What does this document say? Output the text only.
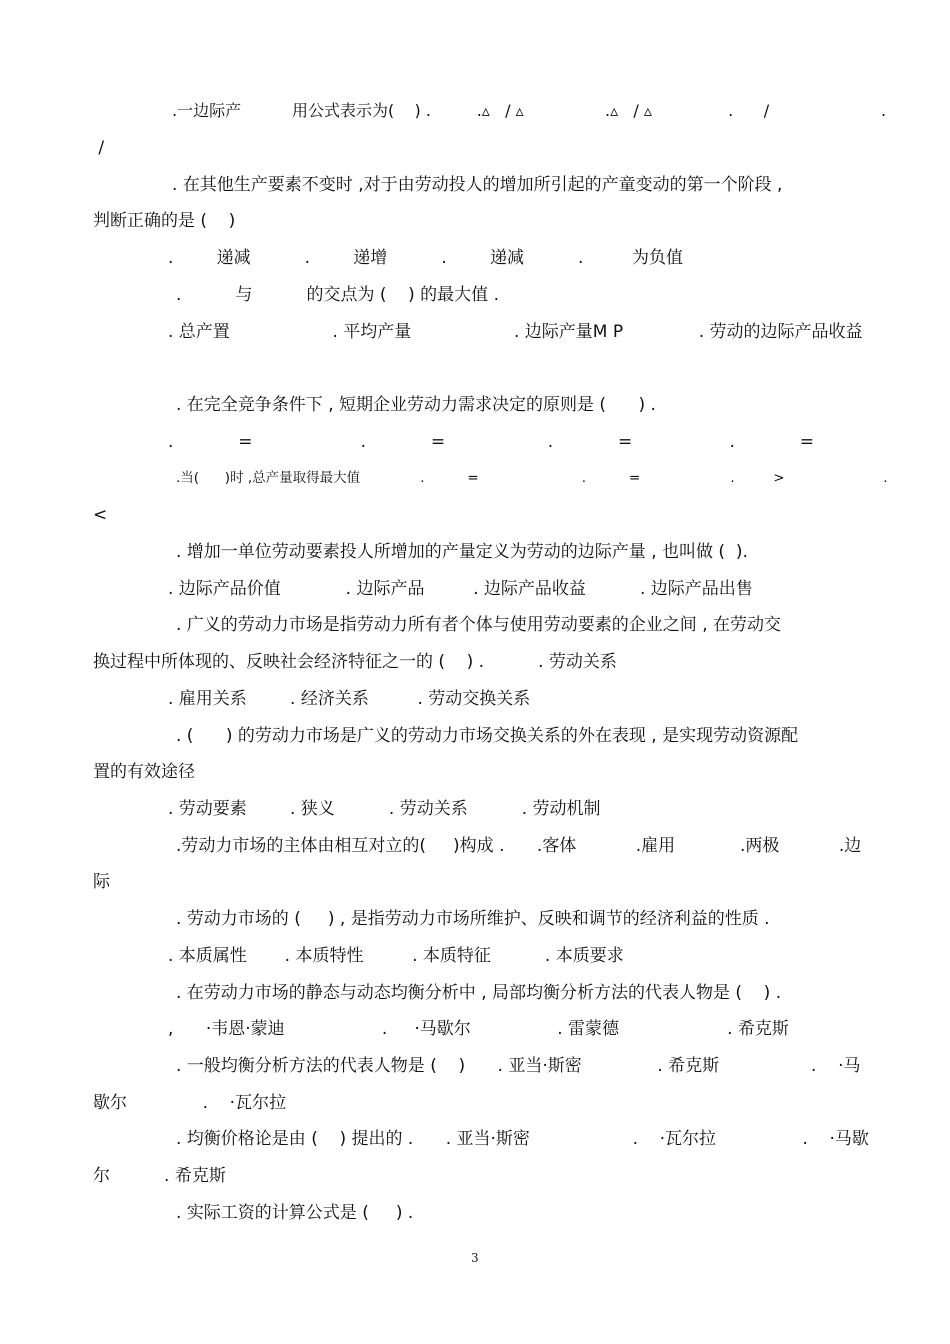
.一边际产          用公式表示为(    ) .         .▵   / ▵                .▵   / ▵               .      /                      .
/
. 在其他生产要素不变时 ,对于由劳动投人的增加所引起的产童变动的第一个阶段 ,
判断正确的是 (    )
.        递减          .        递增          .        递减          .         为负值
.          与          的交点为 (    ) 的最大值 .
. 总产置                   . 平均产量                   . 边际产量M P              . 劳动的边际产品收益
. 在完全竞争条件下 , 短期企业劳动力需求决定的原则是 (      ) .
.            =                    .            =                   .            =                  .            =
.当(      )时 ,总产量取得最大值              .          =                        .          =                     .         >                       .
<
. 增加一单位劳动要素投人所增加的产量定义为劳动的边际产量 , 也叫做 (  ).
. 边际产品价值            . 边际产品         . 边际产品收益          . 边际产品出售
. 广义的劳动力市场是指劳动力所有者个体与使用劳动要素的企业之间 , 在劳动交
换过程中所体现的、反映社会经济特征之一的 (    ) .          . 劳动关系
. 雇用关系        . 经济关系         . 劳动交换关系
. (      ) 的劳动力市场是广义的劳动力市场交换关系的外在表现 , 是实现劳动资源配
置的有效途径
. 劳动要素        . 狭义          . 劳动关系          . 劳动机制
.劳动力市场的主体由相互对立的(     )构成 .      .客体           .雇用            .两极           .边
际
. 劳动力市场的 (     ) , 是指劳动力市场所维护、反映和调节的经济利益的性质 .
. 本质属性       . 本质特性         . 本质特征          . 本质要求
. 在劳动力市场的静态与动态均衡分析中 , 局部均衡分析方法的代表人物是 (    ) .
,      ·韦恩·蒙迪                  .     ·马歇尔                . 雷蒙德                    . 希克斯
. 一般均衡分析方法的代表人物是 (    )      . 亚当·斯密              . 希克斯                 .    ·马
歇尔              .    ·瓦尔拉
. 均衡价格论是由 (    ) 提出的 .      . 亚当·斯密                   .    ·瓦尔拉                .    ·马歇
尔          . 希克斯
. 实际工资的计算公式是 (     ) .
3
